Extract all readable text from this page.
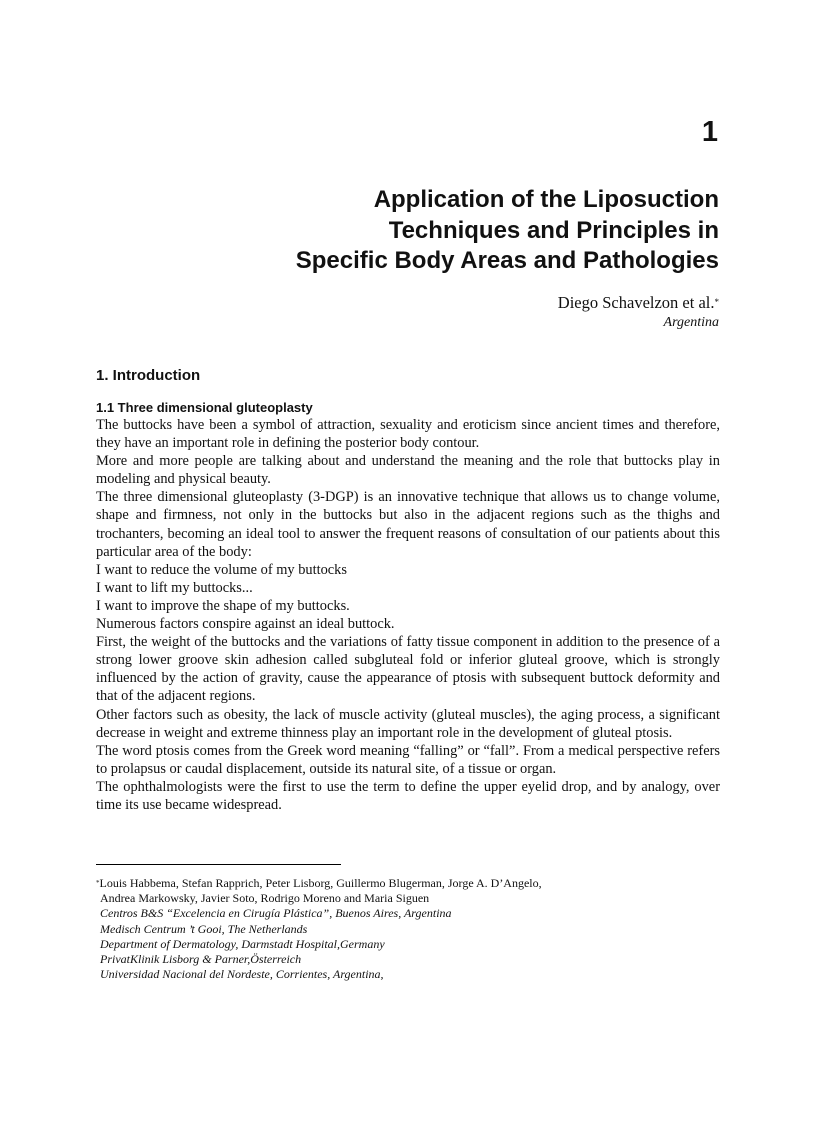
1
Application of the Liposuction
Techniques and Principles in
Specific Body Areas and Pathologies
Diego Schavelzon et al.*
Argentina
1. Introduction
1.1 Three dimensional gluteoplasty

The buttocks have been a symbol of attraction, sexuality and eroticism since ancient times and therefore, they have an important role in defining the posterior body contour.

More and more people are talking about and understand the meaning and the role that buttocks play in modeling and physical beauty.

The three dimensional gluteoplasty (3-DGP) is an innovative technique that allows us to change volume, shape and firmness, not only in the buttocks but also in the adjacent regions such as the thighs and trochanters, becoming an ideal tool to answer the frequent reasons of consultation of our patients about this particular area of the body:

I want to reduce the volume of my buttocks

I want to lift my buttocks...

I want to improve the shape of my buttocks.

Numerous factors conspire against an ideal buttock.

First, the weight of the buttocks and the variations of fatty tissue component in addition to the presence of a strong lower groove skin adhesion called subgluteal fold or inferior gluteal groove, which is strongly influenced by the action of gravity, cause the appearance of ptosis with subsequent buttock deformity and that of the adjacent regions.

Other factors such as obesity, the lack of muscle activity (gluteal muscles), the aging process, a significant decrease in weight and extreme thinness play an important role in the development of gluteal ptosis.

The word ptosis comes from the Greek word meaning “falling” or “fall”. From a medical perspective refers to prolapsus or caudal displacement, outside its natural site, of a tissue or organ.

The ophthalmologists were the first to use the term to define the upper eyelid drop, and by analogy, over time its use became widespread.

*Louis Habbema, Stefan Rapprich, Peter Lisborg, Guillermo Blugerman, Jorge A. D’Angelo,
Andrea Markowsky, Javier Soto, Rodrigo Moreno and Maria Siguen
Centros B&S “Excelencia en Cirugía Plástica”, Buenos Aires, Argentina
Medisch Centrum ’t Gooi, The Netherlands
Department of Dermatology, Darmstadt Hospital,Germany
PrivatKlinik Lisborg & Parner,Österreich
Universidad Nacional del Nordeste, Corrientes, Argentina,
